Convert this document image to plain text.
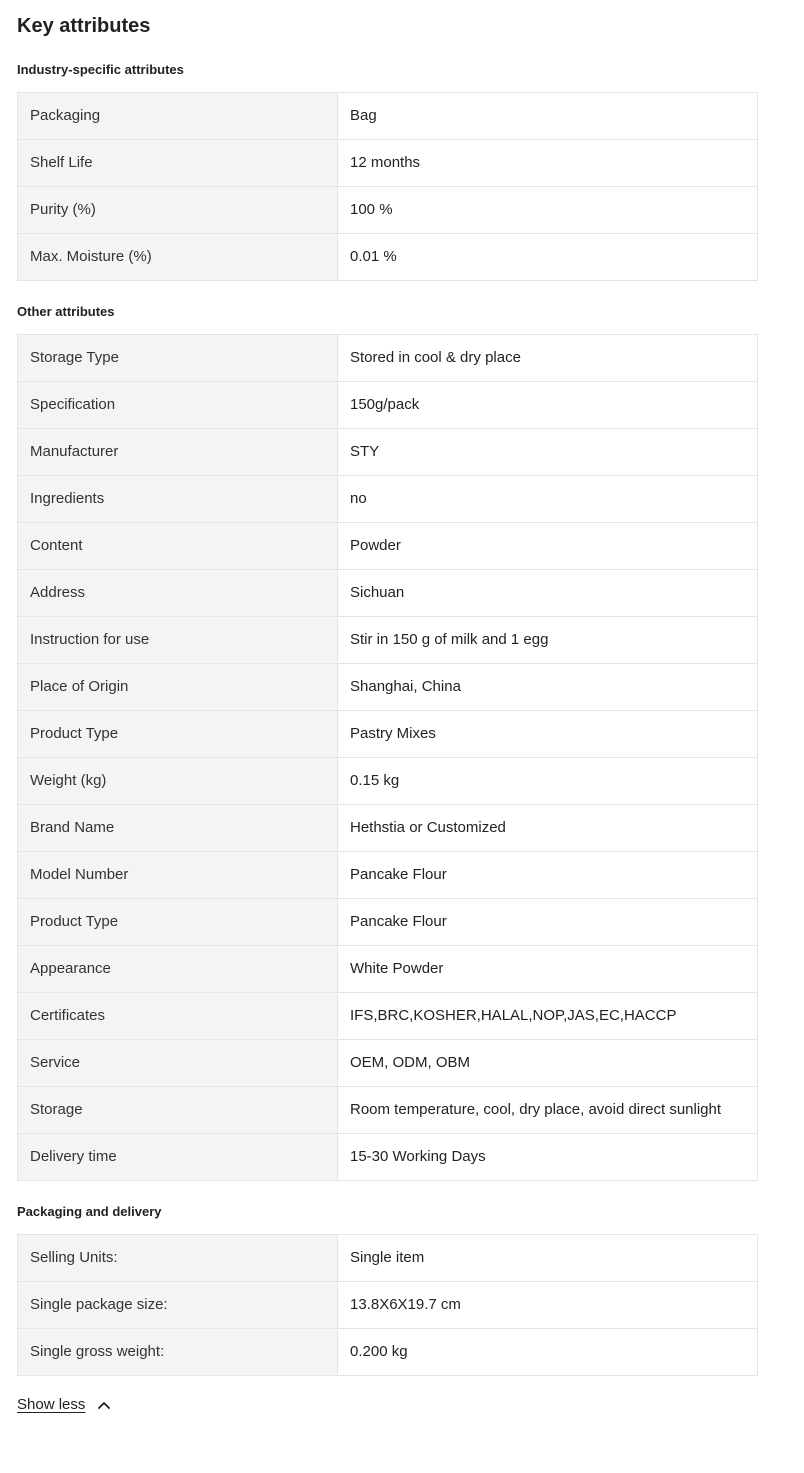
Key attributes
Industry-specific attributes
Packaging	Bag
Shelf Life	12 months
Purity (%)	100 %
Max. Moisture (%)	0.01 %
Other attributes
Storage Type	Stored in cool & dry place
Specification	150g/pack
Manufacturer	STY
Ingredients	no
Content	Powder
Address	Sichuan
Instruction for use	Stir in 150 g of milk and 1 egg
Place of Origin	Shanghai, China
Product Type	Pastry Mixes
Weight (kg)	0.15 kg
Brand Name	Hethstia or Customized
Model Number	Pancake Flour
Product Type	Pancake Flour
Appearance	White Powder
Certificates	IFS,BRC,KOSHER,HALAL,NOP,JAS,EC,HACCP
Service	OEM, ODM, OBM
Storage	Room temperature, cool, dry place, avoid direct sunlight
Delivery time	15-30 Working Days
Packaging and delivery
Selling Units:	Single item
Single package size:	13.8X6X19.7 cm
Single gross weight:	0.200 kg
Show less
